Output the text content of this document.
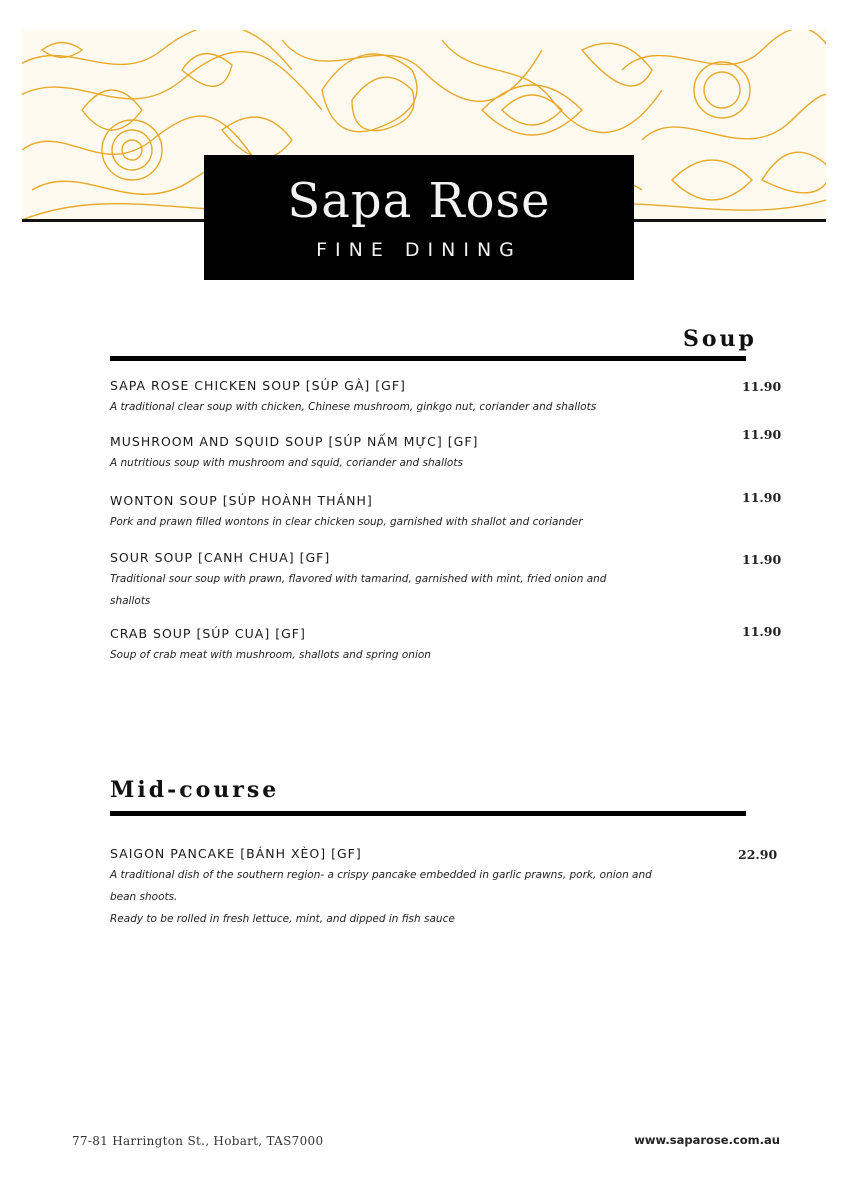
Sapa Rose
FINE DINING
Soup
SAPA ROSE CHICKEN SOUP [SÚP GÀ] [GF]
A traditional clear soup with chicken, Chinese mushroom, ginkgo nut, coriander and shallots
11.90
MUSHROOM AND SQUID SOUP [SÚP NẤM MỰC] [GF]
A nutritious soup with mushroom and squid, coriander and shallots
11.90
WONTON SOUP [SÚP HOÀNH THÁNH]
Pork and prawn filled wontons in clear chicken soup, garnished with shallot and coriander
11.90
SOUR SOUP [CANH CHUA] [GF]
Traditional sour soup with prawn, flavored with tamarind, garnished with mint, fried onion and shallots
11.90
CRAB SOUP [SÚP CUA] [GF]
Soup of crab meat with mushroom, shallots and spring onion
11.90
Mid-course
SAIGON PANCAKE [BÁNH XÈO] [GF]
A traditional dish of the southern region- a crispy pancake embedded in garlic prawns, pork, onion and bean shoots.
Ready to be rolled in fresh lettuce, mint, and dipped in fish sauce
22.90
77-81 Harrington St., Hobart, TAS7000	www.saparose.com.au
